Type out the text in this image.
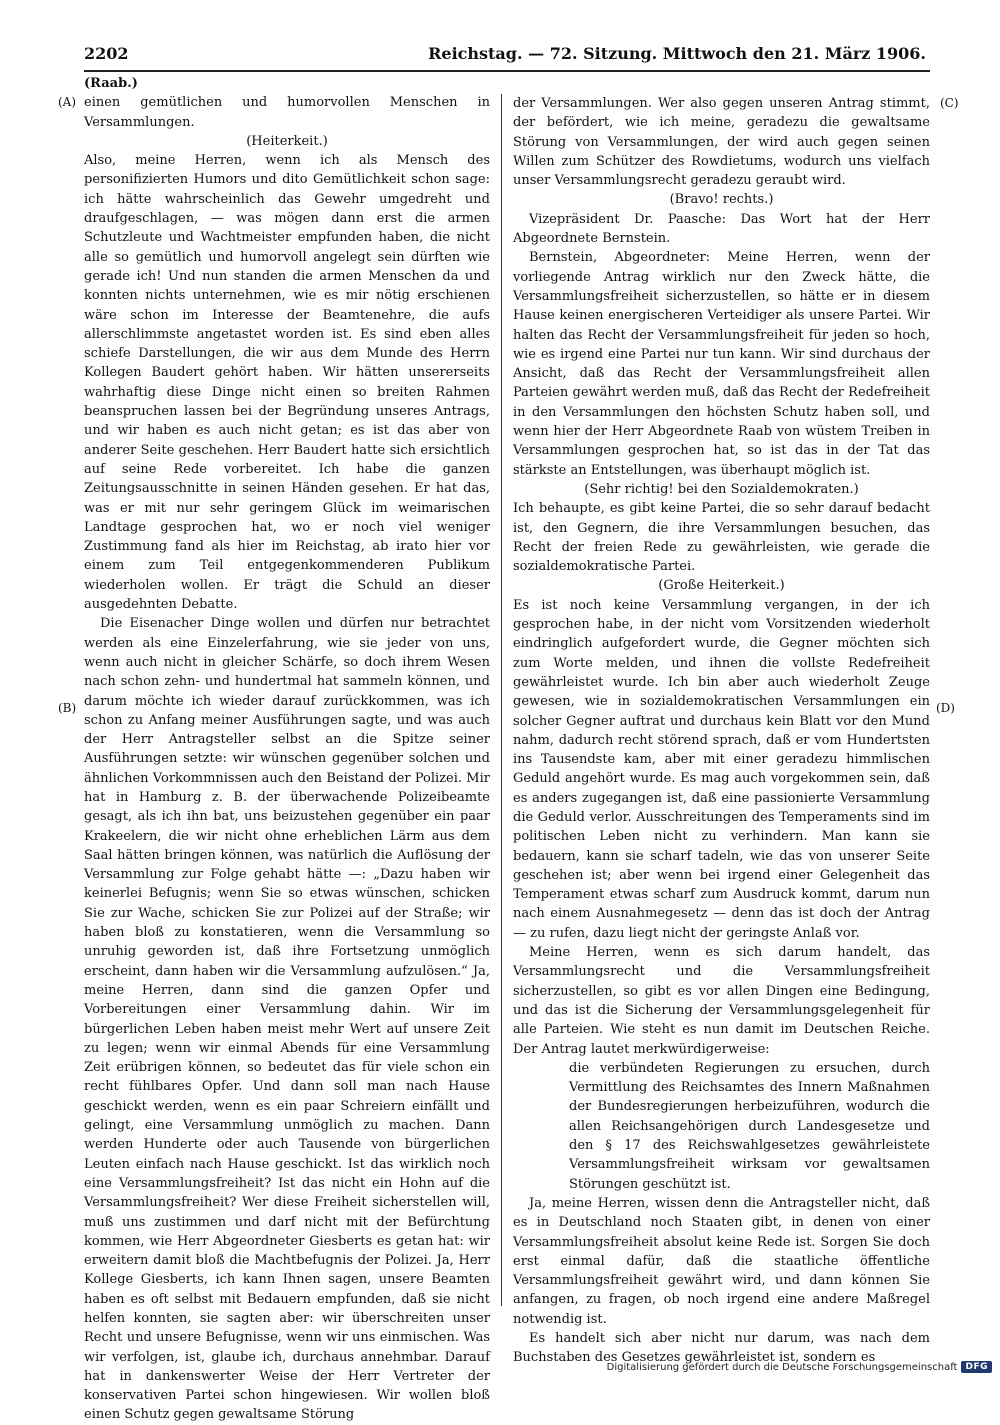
2202	Reichstag. — 72. Sitzung. Mittwoch den 21. März 1906.
(A)
(B)
(C)
(D)

(Raab.)

einen gemütlichen und humorvollen Menschen in Versammlungen.

(Heiterkeit.)

Also, meine Herren, wenn ich als Mensch des personifizierten Humors und dito Gemütlichkeit schon sage: ich hätte wahrscheinlich das Gewehr umgedreht und draufgeschlagen, — was mögen dann erst die armen Schutzleute und Wachtmeister empfunden haben, die nicht alle so gemütlich und humorvoll angelegt sein dürften wie gerade ich! Und nun standen die armen Menschen da und konnten nichts unternehmen, wie es mir nötig erschienen wäre schon im Interesse der Beamtenehre, die aufs allerschlimmste angetastet worden ist. Es sind eben alles schiefe Darstellungen, die wir aus dem Munde des Herrn Kollegen Baudert gehört haben. Wir hätten unsererseits wahrhaftig diese Dinge nicht einen so breiten Rahmen beanspruchen lassen bei der Begründung unseres Antrags, und wir haben es auch nicht getan; es ist das aber von anderer Seite geschehen. Herr Baudert hatte sich ersichtlich auf seine Rede vorbereitet. Ich habe die ganzen Zeitungsausschnitte in seinen Händen gesehen. Er hat das, was er mit nur sehr geringem Glück im weimarischen Landtage gesprochen hat, wo er noch viel weniger Zustimmung fand als hier im Reichstag, ab irato hier vor einem zum Teil entgegenkommenderen Publikum wiederholen wollen. Er trägt die Schuld an dieser ausgedehnten Debatte.

Die Eisenacher Dinge wollen und dürfen nur betrachtet werden als eine Einzelerfahrung, wie sie jeder von uns, wenn auch nicht in gleicher Schärfe, so doch ihrem Wesen nach schon zehn- und hundertmal hat sammeln können, und darum möchte ich wieder darauf zurückkommen, was ich schon zu Anfang meiner Ausführungen sagte, und was auch der Herr Antragsteller selbst an die Spitze seiner Ausführungen setzte: wir wünschen gegenüber solchen und ähnlichen Vorkommnissen auch den Beistand der Polizei. Mir hat in Hamburg z. B. der überwachende Polizeibeamte gesagt, als ich ihn bat, uns beizustehen gegenüber ein paar Krakeelern, die wir nicht ohne erheblichen Lärm aus dem Saal hätten bringen können, was natürlich die Auflösung der Versammlung zur Folge gehabt hätte —: „Dazu haben wir keinerlei Befugnis; wenn Sie so etwas wünschen, schicken Sie zur Wache, schicken Sie zur Polizei auf der Straße; wir haben bloß zu konstatieren, wenn die Versammlung so unruhig geworden ist, daß ihre Fortsetzung unmöglich erscheint, dann haben wir die Versammlung aufzulösen.“ Ja, meine Herren, dann sind die ganzen Opfer und Vorbereitungen einer Versammlung dahin. Wir im bürgerlichen Leben haben meist mehr Wert auf unsere Zeit zu legen; wenn wir einmal Abends für eine Versammlung Zeit erübrigen können, so bedeutet das für viele schon ein recht fühlbares Opfer. Und dann soll man nach Hause geschickt werden, wenn es ein paar Schreiern einfällt und gelingt, eine Versammlung unmöglich zu machen. Dann werden Hunderte oder auch Tausende von bürgerlichen Leuten einfach nach Hause geschickt. Ist das wirklich noch eine Versammlungsfreiheit? Ist das nicht ein Hohn auf die Versammlungsfreiheit? Wer diese Freiheit sicherstellen will, muß uns zustimmen und darf nicht mit der Befürchtung kommen, wie Herr Abgeordneter Giesberts es getan hat: wir erweitern damit bloß die Machtbefugnis der Polizei. Ja, Herr Kollege Giesberts, ich kann Ihnen sagen, unsere Beamten haben es oft selbst mit Bedauern empfunden, daß sie nicht helfen konnten, sie sagten aber: wir überschreiten unser Recht und unsere Befugnisse, wenn wir uns einmischen. Was wir verfolgen, ist, glaube ich, durchaus annehmbar. Darauf hat in dankenswerter Weise der Herr Vertreter der konservativen Partei schon hingewiesen. Wir wollen bloß einen Schutz gegen gewaltsame Störung

der Versammlungen. Wer also gegen unseren Antrag stimmt, der befördert, wie ich meine, geradezu die gewaltsame Störung von Versammlungen, der wird auch gegen seinen Willen zum Schützer des Rowdietums, wodurch uns vielfach unser Versammlungsrecht geradezu geraubt wird.

(Bravo! rechts.)

Vizepräsident Dr. Paasche: Das Wort hat der Herr Abgeordnete Bernstein.

Bernstein, Abgeordneter: Meine Herren, wenn der vorliegende Antrag wirklich nur den Zweck hätte, die Versammlungsfreiheit sicherzustellen, so hätte er in diesem Hause keinen energischeren Verteidiger als unsere Partei. Wir halten das Recht der Versammlungsfreiheit für jeden so hoch, wie es irgend eine Partei nur tun kann. Wir sind durchaus der Ansicht, daß das Recht der Versammlungsfreiheit allen Parteien gewährt werden muß, daß das Recht der Redefreiheit in den Versammlungen den höchsten Schutz haben soll, und wenn hier der Herr Abgeordnete Raab von wüstem Treiben in Versammlungen gesprochen hat, so ist das in der Tat das stärkste an Entstellungen, was überhaupt möglich ist.

(Sehr richtig! bei den Sozialdemokraten.)

Ich behaupte, es gibt keine Partei, die so sehr darauf bedacht ist, den Gegnern, die ihre Versammlungen besuchen, das Recht der freien Rede zu gewährleisten, wie gerade die sozialdemokratische Partei.

(Große Heiterkeit.)

Es ist noch keine Versammlung vergangen, in der ich gesprochen habe, in der nicht vom Vorsitzenden wiederholt eindringlich aufgefordert wurde, die Gegner möchten sich zum Worte melden, und ihnen die vollste Redefreiheit gewährleistet wurde. Ich bin aber auch wiederholt Zeuge gewesen, wie in sozialdemokratischen Versammlungen ein solcher Gegner auftrat und durchaus kein Blatt vor den Mund nahm, dadurch recht störend sprach, daß er vom Hundertsten ins Tausendste kam, aber mit einer geradezu himmlischen Geduld angehört wurde. Es mag auch vorgekommen sein, daß es anders zugegangen ist, daß eine passionierte Versammlung die Geduld verlor. Ausschreitungen des Temperaments sind im politischen Leben nicht zu verhindern. Man kann sie bedauern, kann sie scharf tadeln, wie das von unserer Seite geschehen ist; aber wenn bei irgend einer Gelegenheit das Temperament etwas scharf zum Ausdruck kommt, darum nun nach einem Ausnahmegesetz — denn das ist doch der Antrag — zu rufen, dazu liegt nicht der geringste Anlaß vor.

Meine Herren, wenn es sich darum handelt, das Versammlungsrecht und die Versammlungsfreiheit sicherzustellen, so gibt es vor allen Dingen eine Bedingung, und das ist die Sicherung der Versammlungsgelegenheit für alle Parteien. Wie steht es nun damit im Deutschen Reiche. Der Antrag lautet merkwürdigerweise:

die verbündeten Regierungen zu ersuchen, durch Vermittlung des Reichsamtes des Innern Maßnahmen der Bundesregierungen herbeizuführen, wodurch die allen Reichsangehörigen durch Landesgesetze und den § 17 des Reichswahlgesetzes gewährleistete Versammlungsfreiheit wirksam vor gewaltsamen Störungen geschützt ist.

Ja, meine Herren, wissen denn die Antragsteller nicht, daß es in Deutschland noch Staaten gibt, in denen von einer Versammlungsfreiheit absolut keine Rede ist. Sorgen Sie doch erst einmal dafür, daß die staatliche öffentliche Versammlungsfreiheit gewährt wird, und dann können Sie anfangen, zu fragen, ob noch irgend eine andere Maßregel notwendig ist.

Es handelt sich aber nicht nur darum, was nach dem Buchstaben des Gesetzes gewährleistet ist, sondern es

Digitalisierung gefördert durch die Deutsche Forschungsgemeinschaft DFG
